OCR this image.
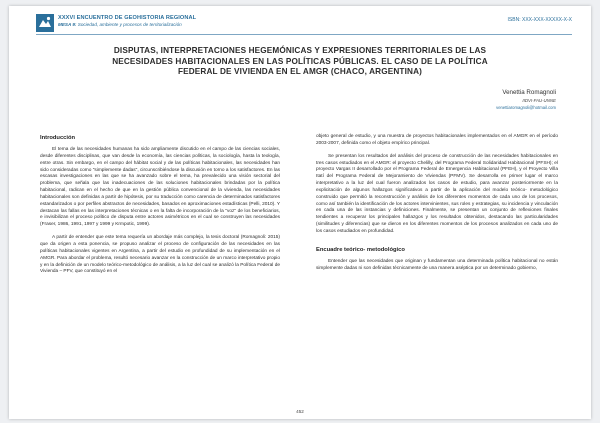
XXXVI ENCUENTRO DE GEOHISTORIA REGIONAL
MESA 9: Sociedad, ambiente y procesos de territorialización
ISBN: XXX-XXX-XXXXX-X-X
DISPUTAS, INTERPRETACIONES HEGEMÓNICAS Y EXPRESIONES TERRITORIALES DE LAS NECESIDADES HABITACIONALES EN LAS POLÍTICAS PÚBLICAS. EL CASO DE LA POLÍTICA FEDERAL DE VIVIENDA EN EL AMGR (CHACO, ARGENTINA)
Venettia Romagnoli
IIDVI-FAU-UNNE
venettiaromagnoli@hotmail.com
Introducción

El tema de las necesidades humanas ha sido ampliamente discutido en el campo de las ciencias sociales, desde diferentes disciplinas, que van desde la economía, las ciencias políticas, la sociología, hasta la teología, entre otras. Sin embargo, en el campo del hábitat social y de las políticas habitacionales, las necesidades han sido consideradas como "simplemente dadas", circunscribiéndose la discusión en torno a los satisfactores. En las escasas investigaciones en las que se ha avanzado sobre el tema, ha prevalecido una visión sectorial del problema, que señala que las inadecuaciones de las soluciones habitacionales brindadas por la política habitacional, radican en el hecho de que en la gestión pública convencional de la vivienda, las necesidades habitacionales son definidas a partir de hipótesis, por su traducción como carencia de determinados satisfactores estandarizados o por perfiles abstractos de necesidades, basados en aproximaciones estadísticas (Pelli, 2010). Y destacan las fallas en las interpretaciones técnicas o en la falta de incorporación de la "voz" de los beneficiarios, e invisibilizan el proceso político de disputa entre actores asimétricos en el cual se construyen las necesidades (Fraser, 1986, 1991, 1997 y 1999 y Krmpotic, 1999).

A partir de entender que este tema requería un abordaje más complejo, la tesis doctoral (Romagnoli: 2015) que da origen a esta ponencia, se propuso analizar el proceso de configuración de las necesidades en las políticas habitacionales vigentes en Argentina, a partir del estudio en profundidad de su implementación en el AMGR. Para abordar el problema, resultó necesario avanzar en la construcción de un marco interpretativo propio y en la definición de un modelo teórico-metodológico de análisis, a la luz del cual se analizó la Política Federal de Vivienda – PFV, que constituyó en el

objeto general de estudio, y una muestra de proyectos habitacionales implementados en el AMGR en el período 2003-2007, definida como el objeto empírico principal.

Se presentan los resultados del análisis del proceso de construcción de las necesidades habitacionales en tres casos estudiados en el AMGR: el proyecto Chelilly, del Programa Federal Solidaridad Habitacional (PFSH); el proyecto Vargas II desarrollado por el Programa Federal de Emergencia Habitacional (PFEH), y el Proyecto Villa Itatí del Programa Federal de Mejoramiento de Viviendas (PFMV). Se desarrolla en primer lugar el marco interpretativo a la luz del cual fueron analizados los casos de estudio, para avanzar posteriormente en la explicitación de algunos hallazgos significativos a partir de la aplicación del modelo teórico- metodológico construido que permitió la reconstrucción y análisis de los diferentes momentos de cada uno de los procesos, como así también la identificación de los actores intervinientes, sus roles y estrategias, su incidencia y vinculación en cada una de las instancias y definiciones. Finalmente, se presentan un conjunto de reflexiones finales tendientes a recuperar los principales hallazgos y los resultados obtenidos, destacando las particularidades (similitudes y diferencias) que se dieron en los diferentes momentos de los procesos analizados en cada uno de los casos estudiados en profundidad.

Encuadre teórico- metodológico

Entender que las necesidades que originan y fundamentan una determinada política habitacional no están simplemente dadas ni son definidas técnicamente de una manera aséptica por un determinado gobierno,

452
